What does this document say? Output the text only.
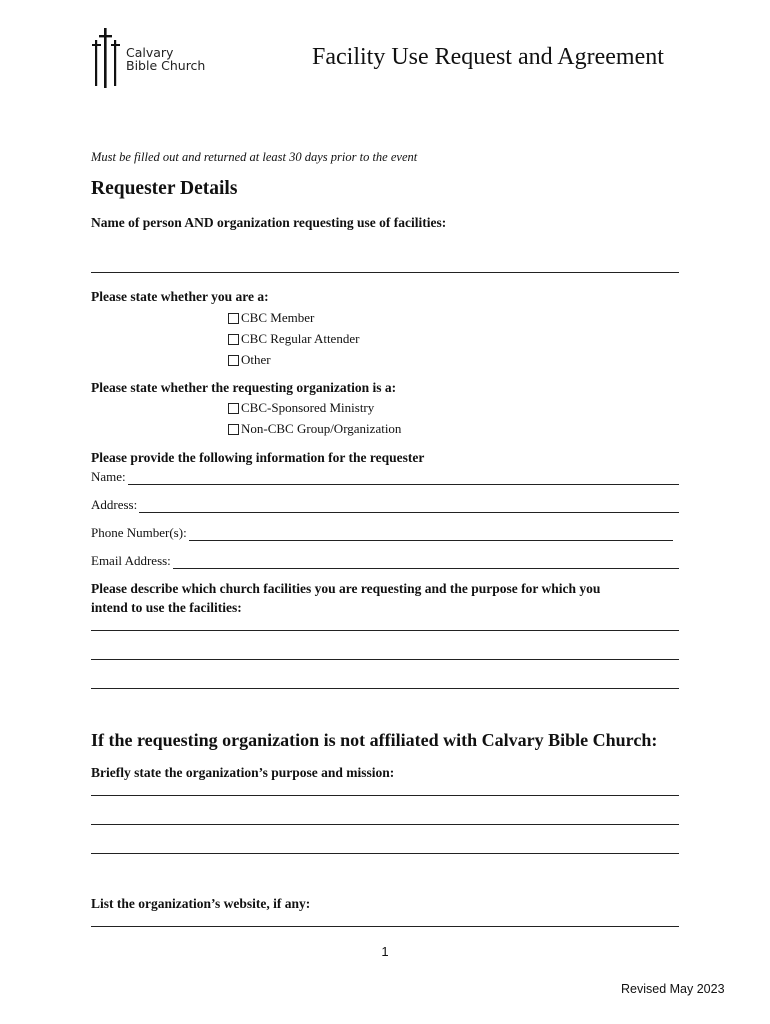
Calvary
Bible Church	Facility Use Request and Agreement
Must be filled out and returned at least 30 days prior to the event
Requester Details
Name of person AND organization requesting use of facilities:
Please state whether you are a:
CBC Member
CBC Regular Attender
Other
Please state whether the requesting organization is a:
CBC-Sponsored Ministry
Non-CBC Group/Organization
Please provide the following information for the requester
Name:
Address:
Phone Number(s):
Email Address:
Please describe which church facilities you are requesting and the purpose for which you
intend to use the facilities:
If the requesting organization is not affiliated with Calvary Bible Church:
Briefly state the organization’s purpose and mission:
List the organization’s website, if any:
1
Revised May 2023
